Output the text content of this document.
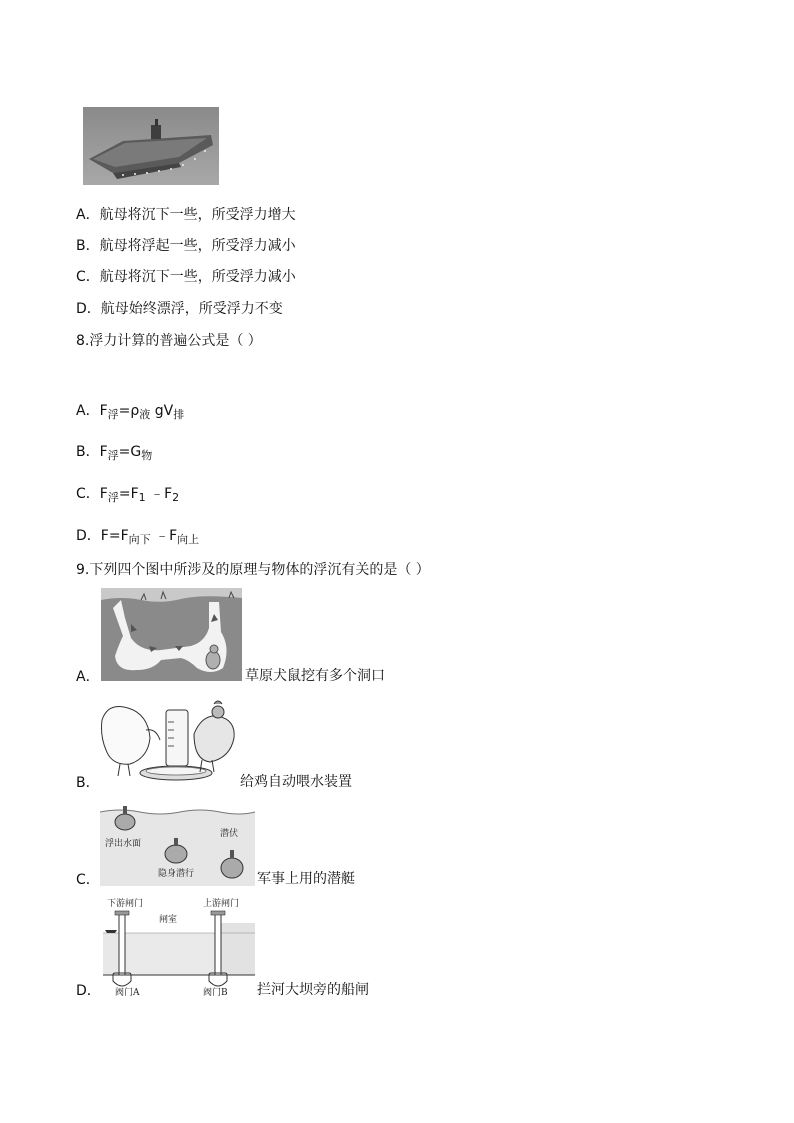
A．航母将沉下一些，所受浮力增大
B．航母将浮起一些，所受浮力减小
C．航母将沉下一些，所受浮力减小
D．航母始终漂浮，所受浮力不变
8.浮力计算的普遍公式是（ ）
A．$F_浮=\rho_液$ $gV_排$
B．$F_浮=G_物$
C．$F_浮=F_1$ $﹣F_2$
D．$F=F_{向下}$ $﹣F_{向上}$
9.下列四个图中所涉及的原理与物体的浮沉有关的是（ ）
A．	草原犬鼠挖有多个洞口
B．	给鸡自动喂水装置
浮出水面
隐身潜行
潜伏
C．	军事上用的潜艇
下游闸门
闸室
上游闸门
阀门A	阀门B
D．	拦河大坝旁的船闸
